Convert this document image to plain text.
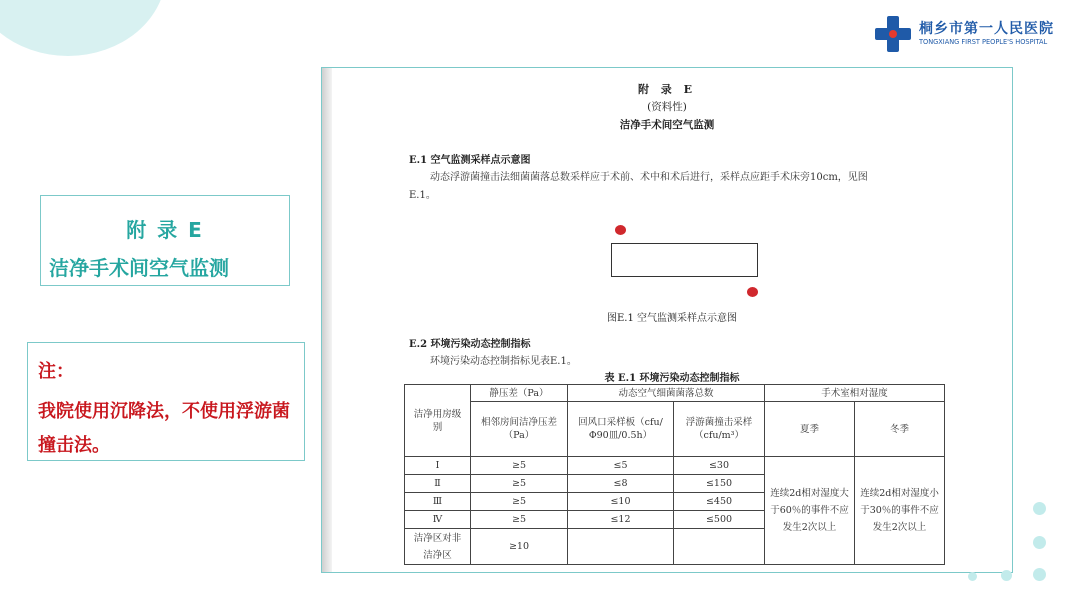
桐乡市第一人民医院
TONGXIANG FIRST PEOPLE'S HOSPITAL
附 录 E
洁净手术间空气监测
注：
我院使用沉降法，不使用浮游菌撞击法。
附 录 E
(资料性)
洁净手术间空气监测
E.1 空气监测采样点示意图
动态浮游菌撞击法细菌菌落总数采样应于术前、术中和术后进行，采样点应距手术床旁10cm，见图
E.1。
图E.1 空气监测采样点示意图
E.2 环境污染动态控制指标
环境污染动态控制指标见表E.1。
表 E.1 环境污染动态控制指标
洁净用房级别	静压差（Pa）	动态空气细菌菌落总数		手术室相对湿度	
	相邻房间洁净压差（Pa）	回风口采样板（cfu/Φ90皿/0.5h）	浮游菌撞击采样（cfu/m³）	夏季	冬季
Ⅰ	≥5	≤5	≤30	连续2d相对湿度大于60％的事件不应发生2次以上	连续2d相对湿度小于30％的事件不应发生2次以上
Ⅱ	≥5	≤8	≤150		
Ⅲ	≥5	≤10	≤450		
Ⅳ	≥5	≤12	≤500		
洁净区对非洁净区	≥10				
